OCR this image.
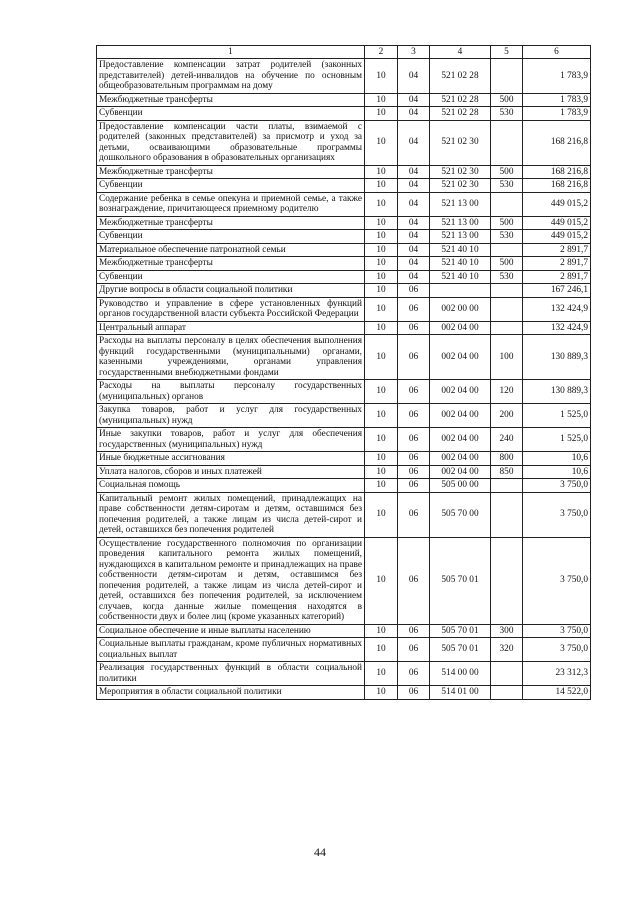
1	2	3	4	5	6
Предоставление компенсации затрат родителей (законных представителей) детей-инвалидов на обучение по основным общеобразовательным программам на дому	10	04	521 02 28		1 783,9
Межбюджетные трансферты	10	04	521 02 28	500	1 783,9
Субвенции	10	04	521 02 28	530	1 783,9
Предоставление компенсации части платы, взимаемой с родителей (законных представителей) за присмотр и уход за детьми, осваивающими образовательные программы дошкольного образования в образовательных организациях	10	04	521 02 30		168 216,8
Межбюджетные трансферты	10	04	521 02 30	500	168 216,8
Субвенции	10	04	521 02 30	530	168 216,8
Содержание ребенка в семье опекуна и приемной семье, а также вознаграждение, причитающееся приемному родителю	10	04	521 13 00		449 015,2
Межбюджетные трансферты	10	04	521 13 00	500	449 015,2
Субвенции	10	04	521 13 00	530	449 015,2
Материальное обеспечение патронатной семьи	10	04	521 40 10		2 891,7
Межбюджетные трансферты	10	04	521 40 10	500	2 891,7
Субвенции	10	04	521 40 10	530	2 891,7
Другие вопросы в области социальной политики	10	06			167 246,1
Руководство и управление в сфере установленных функций органов государственной власти субъекта Российской Федерации	10	06	002 00 00		132 424,9
Центральный аппарат	10	06	002 04 00		132 424,9
Расходы на выплаты персоналу в целях обеспечения выполнения функций государственными (муниципальными) органами, казенными учреждениями, органами управления государственными внебюджетными фондами	10	06	002 04 00	100	130 889,3
Расходы на выплаты персоналу государственных (муниципальных) органов	10	06	002 04 00	120	130 889,3
Закупка товаров, работ и услуг для государственных (муниципальных) нужд	10	06	002 04 00	200	1 525,0
Иные закупки товаров, работ и услуг для обеспечения государственных (муниципальных) нужд	10	06	002 04 00	240	1 525,0
Иные бюджетные ассигнования	10	06	002 04 00	800	10,6
Уплата налогов, сборов и иных платежей	10	06	002 04 00	850	10,6
Социальная помощь	10	06	505 00 00		3 750,0
Капитальный ремонт жилых помещений, принадлежащих на праве собственности детям-сиротам и детям, оставшимся без попечения родителей, а также лицам из числа детей-сирот и детей, оставшихся без попечения родителей	10	06	505 70 00		3 750,0
Осуществление государственного полномочия по организации проведения капитального ремонта жилых помещений, нуждающихся в капитальном ремонте и принадлежащих на праве собственности детям-сиротам и детям, оставшимся без попечения родителей, а также лицам из числа детей-сирот и детей, оставшихся без попечения родителей, за исключением случаев, когда данные жилые помещения находятся в собственности двух и более лиц (кроме указанных категорий)	10	06	505 70 01		3 750,0
Социальное обеспечение и иные выплаты населению	10	06	505 70 01	300	3 750,0
Социальные выплаты гражданам, кроме публичных нормативных социальных выплат	10	06	505 70 01	320	3 750,0
Реализация государственных функций в области социальной политики	10	06	514 00 00		23 312,3
Мероприятия в области социальной политики	10	06	514 01 00		14 522,0
44
